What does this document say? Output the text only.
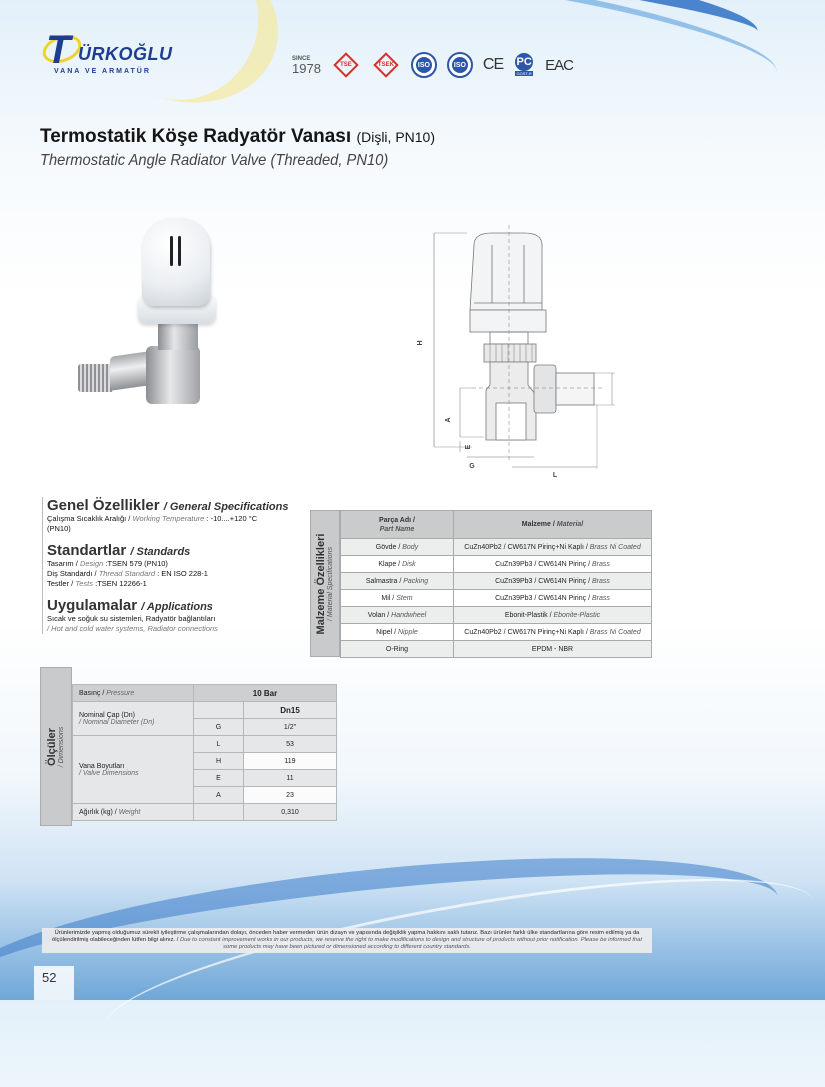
T ÜRKOĞLU
VANA VE ARMATÜR
SINCE
1978	TSE	TSEK	ISO	ISO CE PC
GOST-R EAC
Termostatik Köşe Radyatör Vanası (Dişli, PN10)
Thermostatic Angle Radiator Valve (Threaded, PN10)
H
A
E
G
L
Genel Özellikler / General Specifications
Çalışma Sıcaklık Aralığı / Working Temperature : -10....+120 °C
(PN10)
Standartlar / Standards
Tasarım / Design :TSEN 579 (PN10)
Diş Standardı / Thread Standard : EN ISO 228-1
Testler / Tests :TSEN 12266-1
Uygulamalar / Applications
Sıcak ve soğuk su sistemleri, Radyatör bağlantıları
/ Hot and cold water systems, Radiator connections	Malzeme Özellikleri / Material Specifications
Parça Adı /
Part Name	Malzeme / Material
Gövde / Body	CuZn40Pb2 / CW617N Pirinç+Ni Kaplı / Brass Ni Coated
Klape / Disk	CuZn39Pb3 / CW614N Pirinç / Brass
Salmastra / Packing	CuZn39Pb3 / CW614N Pirinç / Brass
Mil / Stem	CuZn39Pb3 / CW614N Pirinç / Brass
Volan / Handwheel	Ebonit-Plastik / Ebonite-Plastic
Nipel / Nipple	CuZn40Pb2 / CW617N Pirinç+Ni Kaplı / Brass Ni Coated
O-Ring	EPDM - NBR
Ölçüler / Dimensions
Basınç / Pressure	10 Bar	
Nominal Çap (Dn)
/ Nominal Diameter (Dn)		Dn15
	G	1/2"
Vana Boyutları
/ Valve Dimensions	L	53
	H	119
	E	11
	A	23
Ağırlık (kg) / Weight		0,310
Ürünlerimizde yapmış olduğumuz sürekli iyileştirme çalışmalarından dolayı, önceden haber vermeden ürün dizayn ve yapısında değişiklik yapma hakkını saklı tutarız. Bazı ürünler farklı ülke standartlarına göre resim edilmiş ya da ölçülendirilmiş olabileceğinden lütfen bilgi alınız. / Due to constant improvement works in our products, we reserve the right to make modifications to design and structure of products without prior notification. Please be informed that some products may have been pictured or dimensioned according to different country standards.
52
